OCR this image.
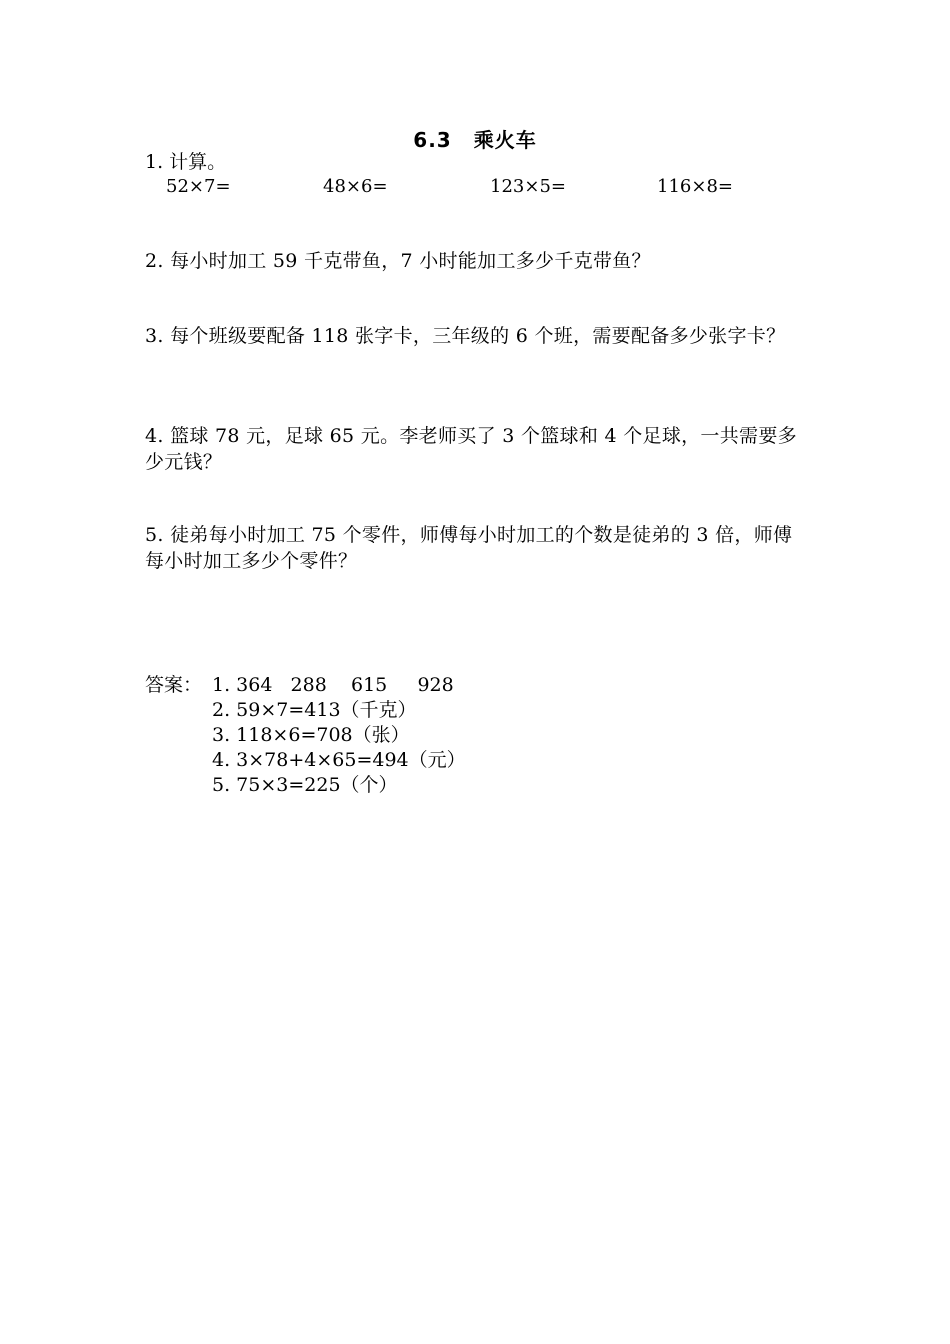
6.3 乘火车
1. 计算。
52×7=	48×6=	123×5=	116×8=
2. 每小时加工 59 千克带鱼，7 小时能加工多少千克带鱼？
3. 每个班级要配备 118 张字卡，三年级的 6 个班，需要配备多少张字卡？
4. 篮球 78 元，足球 65 元。李老师买了 3 个篮球和 4 个足球，一共需要多少元钱？
5. 徒弟每小时加工 75 个零件，师傅每小时加工的个数是徒弟的 3 倍，师傅每小时加工多少个零件？
答案： 1. 364   288    615     928
2. 59×7=413（千克）
3. 118×6=708（张）
4. 3×78+4×65=494（元）
5. 75×3=225（个）
